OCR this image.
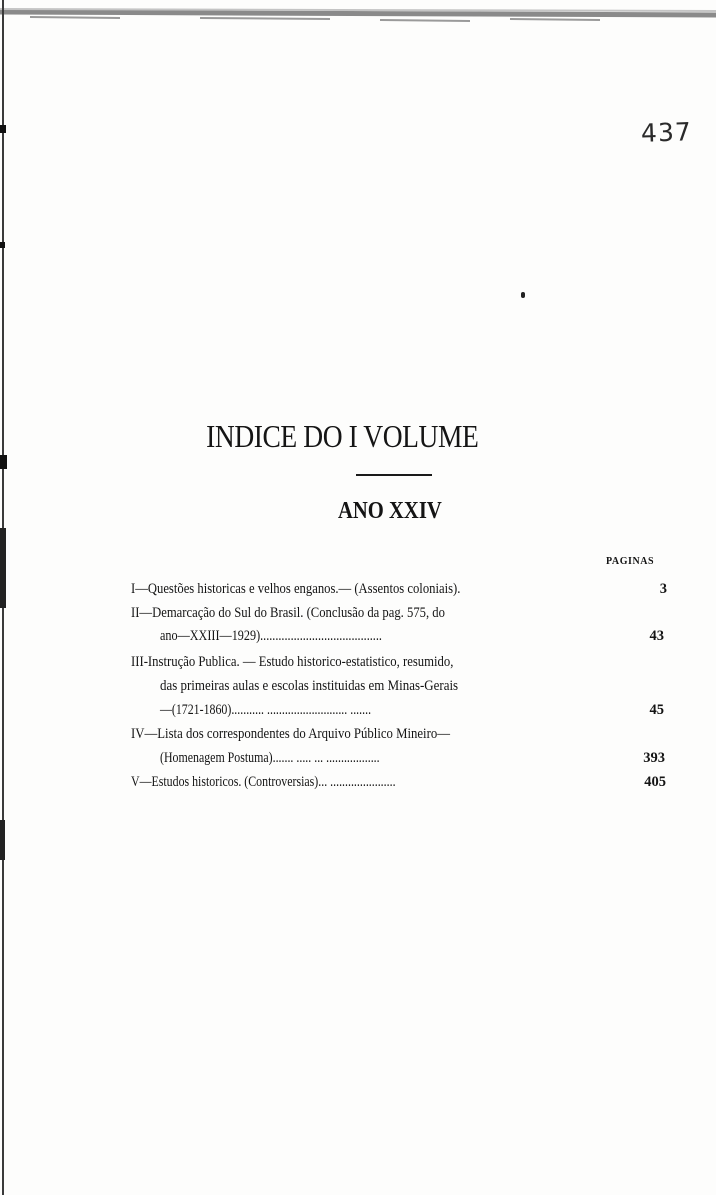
437
INDICE DO I VOLUME
ANO XXIV
PAGINAS
I—Questões historicas e velhos enganos.— (Assentos coloniais).	3
II—Demarcação do Sul do Brasil. (Conclusão da pag. 575, do
ano—XXIII—1929)........................................	43
III-Instrução Publica. — Estudo historico-estatistico, resumido,
das primeiras aulas e escolas instituidas em Minas-Gerais
—(1721-1860)........... ........................... .......	45
IV—Lista dos correspondentes do Arquivo Público Mineiro—
(Homenagem Postuma)....... ..... ... ..................	393
V—Estudos historicos. (Controversias)... ......................	405
